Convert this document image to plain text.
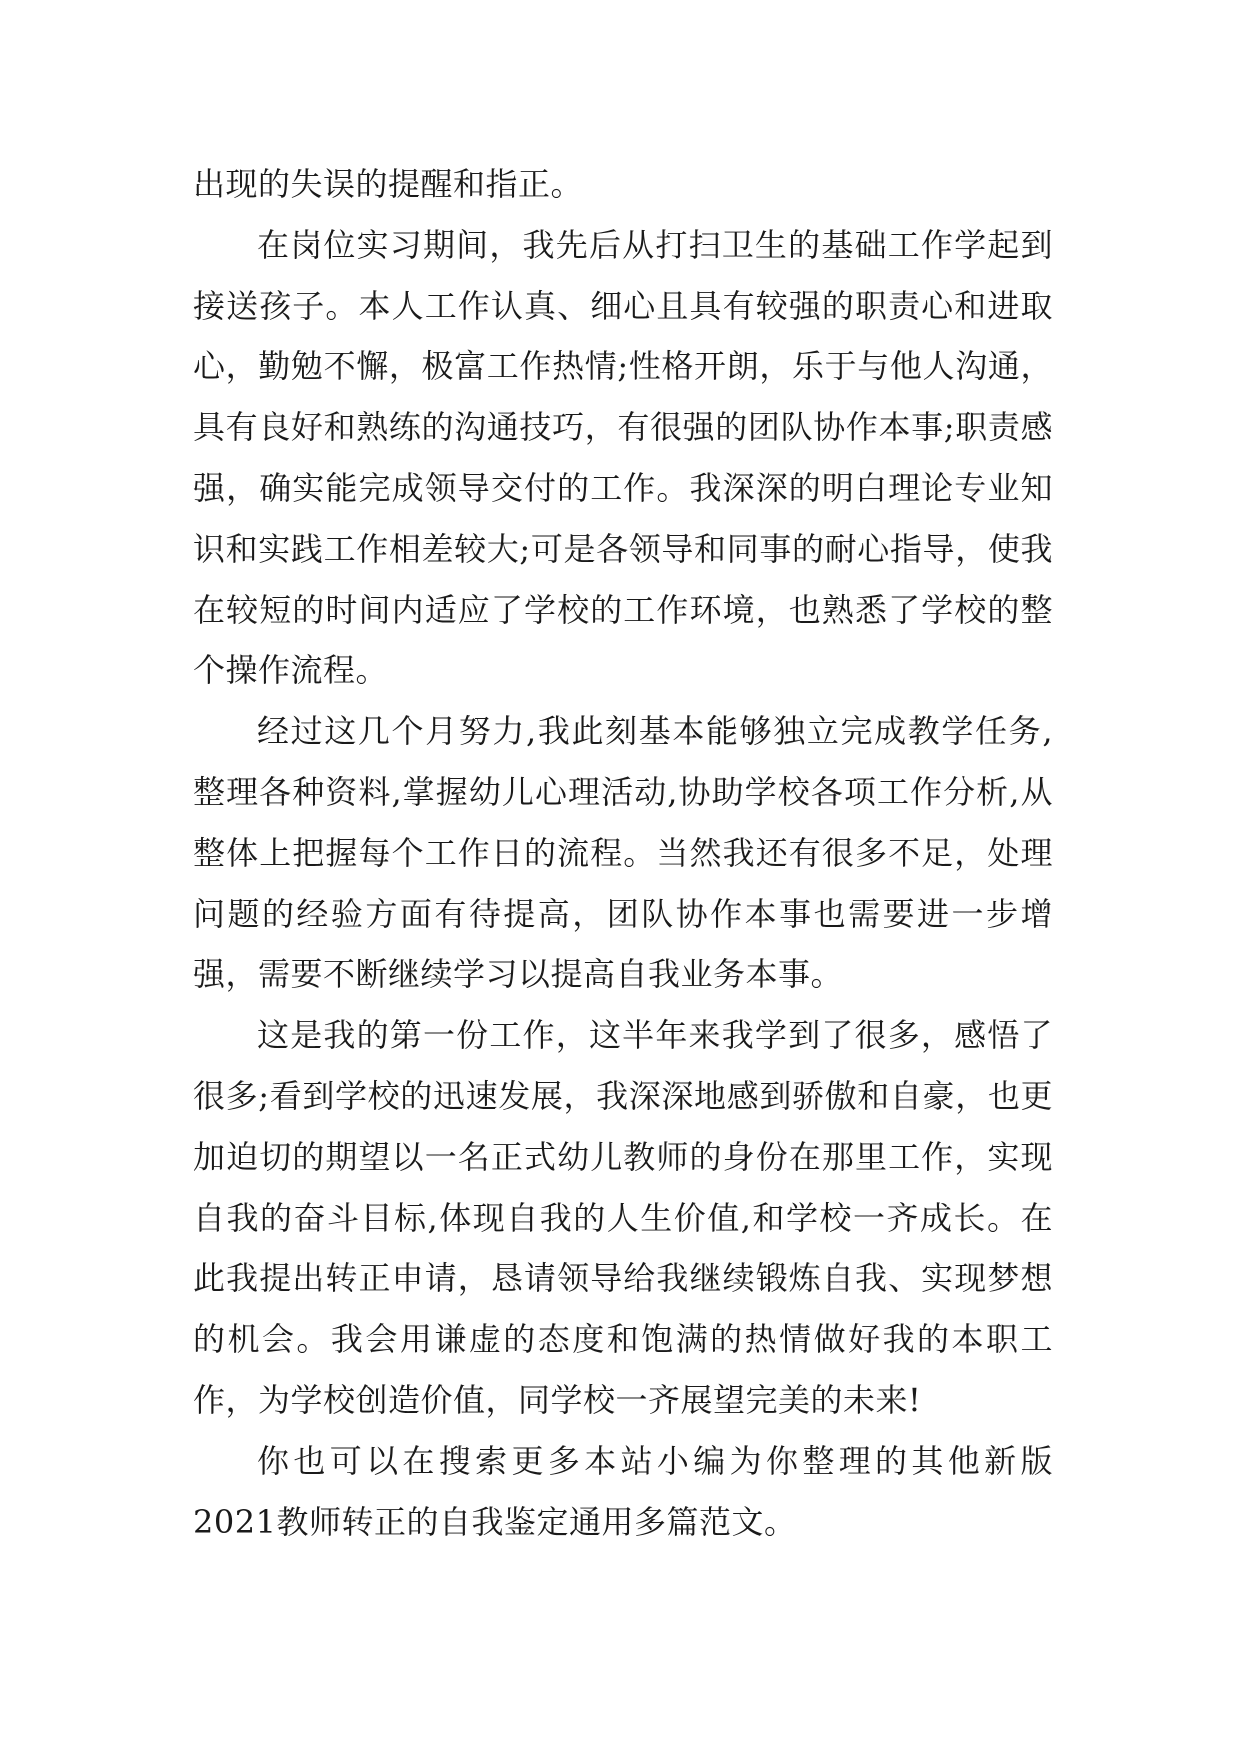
出现的失误的提醒和指正。

在岗位实习期间，我先后从打扫卫生的基础工作学起到接送孩子。本人工作认真、细心且具有较强的职责心和进取心，勤勉不懈，极富工作热情;性格开朗，乐于与他人沟通，具有良好和熟练的沟通技巧，有很强的团队协作本事;职责感强，确实能完成领导交付的工作。我深深的明白理论专业知识和实践工作相差较大;可是各领导和同事的耐心指导，使我在较短的时间内适应了学校的工作环境，也熟悉了学校的整个操作流程。

经过这几个月努力,我此刻基本能够独立完成教学任务,整理各种资料,掌握幼儿心理活动,协助学校各项工作分析,从整体上把握每个工作日的流程。当然我还有很多不足，处理问题的经验方面有待提高，团队协作本事也需要进一步增强，需要不断继续学习以提高自我业务本事。

这是我的第一份工作，这半年来我学到了很多，感悟了很多;看到学校的迅速发展，我深深地感到骄傲和自豪，也更加迫切的期望以一名正式幼儿教师的身份在那里工作，实现自我的奋斗目标,体现自我的人生价值,和学校一齐成长。在此我提出转正申请，恳请领导给我继续锻炼自我、实现梦想的机会。我会用谦虚的态度和饱满的热情做好我的本职工作，为学校创造价值，同学校一齐展望完美的未来!

你也可以在搜索更多本站小编为你整理的其他新版2021教师转正的自我鉴定通用多篇范文。
